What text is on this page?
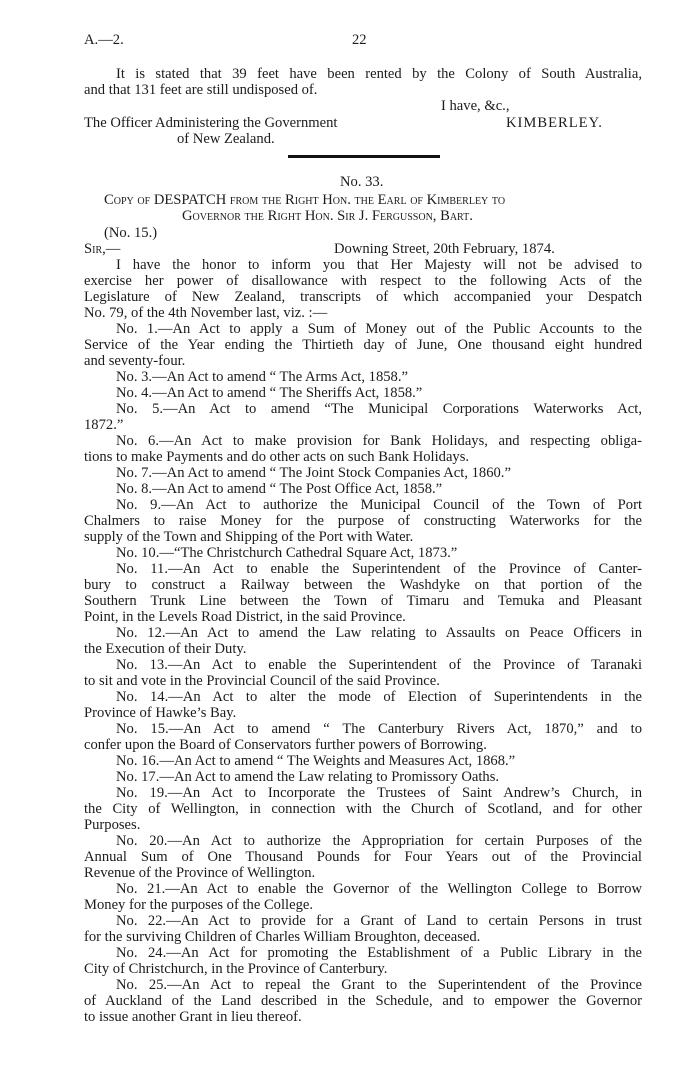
A.—2.	22
It is stated that 39 feet have been rented by the Colony of South Australia,
and that 131 feet are still undisposed of.
I have, &c.,
The Officer Administering the Government	KIMBERLEY.
of New Zealand.
No. 33.
Copy of DESPATCH from the Right Hon. the Earl of Kimberley to
Governor the Right Hon. Sir J. Fergusson, Bart.
(No. 15.)
Sir,—	Downing Street, 20th February, 1874.
I have the honor to inform you that Her Majesty will not be advised to
exercise her power of disallowance with respect to the following Acts of the
Legislature of New Zealand, transcripts of which accompanied your Despatch
No. 79, of the 4th November last, viz. :—
No. 1.—An Act to apply a Sum of Money out of the Public Accounts to the
Service of the Year ending the Thirtieth day of June, One thousand eight hundred
and seventy-four.
No. 3.—An Act to amend “ The Arms Act, 1858.”
No. 4.—An Act to amend “ The Sheriffs Act, 1858.”
No. 5.—An Act to amend “The Municipal Corporations Waterworks Act,
1872.”
No. 6.—An Act to make provision for Bank Holidays, and respecting obliga-
tions to make Payments and do other acts on such Bank Holidays.
No. 7.—An Act to amend “ The Joint Stock Companies Act, 1860.”
No. 8.—An Act to amend “ The Post Office Act, 1858.”
No. 9.—An Act to authorize the Municipal Council of the Town of Port
Chalmers to raise Money for the purpose of constructing Waterworks for the
supply of the Town and Shipping of the Port with Water.
No. 10.—“The Christchurch Cathedral Square Act, 1873.”
No. 11.—An Act to enable the Superintendent of the Province of Canter-
bury to construct a Railway between the Washdyke on that portion of the
Southern Trunk Line between the Town of Timaru and Temuka and Pleasant
Point, in the Levels Road District, in the said Province.
No. 12.—An Act to amend the Law relating to Assaults on Peace Officers in
the Execution of their Duty.
No. 13.—An Act to enable the Superintendent of the Province of Taranaki
to sit and vote in the Provincial Council of the said Province.
No. 14.—An Act to alter the mode of Election of Superintendents in the
Province of Hawke’s Bay.
No. 15.—An Act to amend “ The Canterbury Rivers Act, 1870,” and to
confer upon the Board of Conservators further powers of Borrowing.
No. 16.—An Act to amend “ The Weights and Measures Act, 1868.”
No. 17.—An Act to amend the Law relating to Promissory Oaths.
No. 19.—An Act to Incorporate the Trustees of Saint Andrew’s Church, in
the City of Wellington, in connection with the Church of Scotland, and for other
Purposes.
No. 20.—An Act to authorize the Appropriation for certain Purposes of the
Annual Sum of One Thousand Pounds for Four Years out of the Provincial
Revenue of the Province of Wellington.
No. 21.—An Act to enable the Governor of the Wellington College to Borrow
Money for the purposes of the College.
No. 22.—An Act to provide for a Grant of Land to certain Persons in trust
for the surviving Children of Charles William Broughton, deceased.
No. 24.—An Act for promoting the Establishment of a Public Library in the
City of Christchurch, in the Province of Canterbury.
No. 25.—An Act to repeal the Grant to the Superintendent of the Province
of Auckland of the Land described in the Schedule, and to empower the Governor
to issue another Grant in lieu thereof.
